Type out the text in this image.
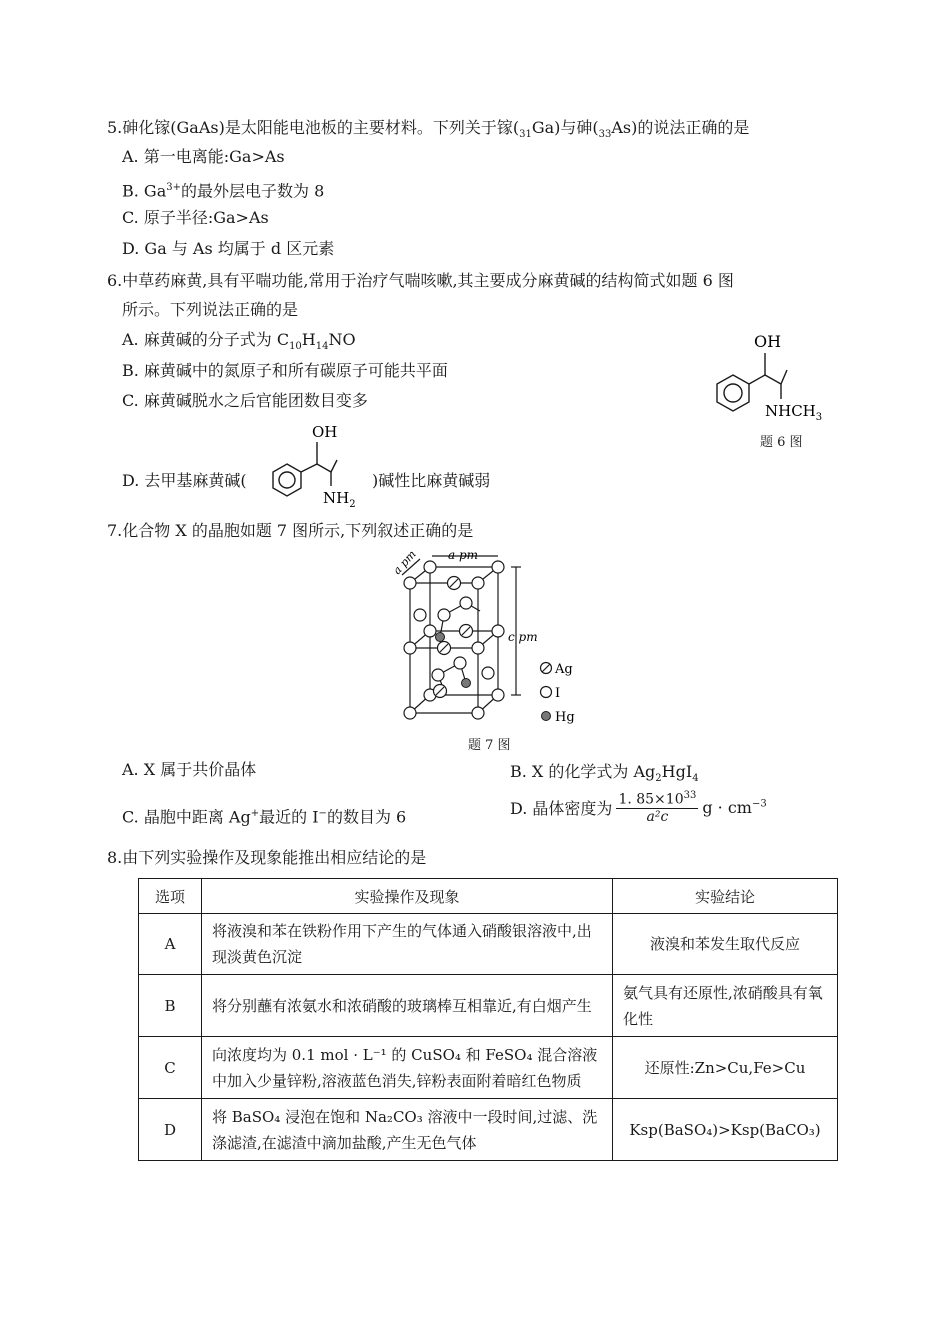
5.砷化镓(GaAs)是太阳能电池板的主要材料。下列关于镓$(_{31}Ga)$与砷$(_{33}As)$的说法正确的是
A. 第一电离能:Ga>As
B. $Ga^{3+}$的最外层电子数为 8
C. 原子半径:Ga>As
D. Ga 与 As 均属于 d 区元素
6.中草药麻黄,具有平喘功能,常用于治疗气喘咳嗽,其主要成分麻黄碱的结构简式如题 6 图
所示。下列说法正确的是
A. 麻黄碱的分子式为 $C_{10}H_{14}NO$
B. 麻黄碱中的氮原子和所有碳原子可能共平面
C. 麻黄碱脱水之后官能团数目变多
OH
$NHCH_3$
题 6 图
D. 去甲基麻黄碱(
OH
$NH_2$
)碱性比麻黄碱弱
7.化合物 X 的晶胞如题 7 图所示,下列叙述正确的是
a pm
a pm
c pm
Ag
I
Hg
题 7 图
A. X 属于共价晶体	B. X 的化学式为 $Ag_2HgI_4$
C. 晶胞中距离 Ag+最近的 I−的数目为 6	D. 晶体密度为 $\frac{1. 85\times 10^{33}}{\text{a²c}}$ $g \cdot cm^{-3}$
8.由下列实验操作及现象能推出相应结论的是
选项	实验操作及现象	实验结论
A	将液溴和苯在铁粉作用下产生的气体通入硝酸银溶液中,出现淡黄色沉淀	液溴和苯发生取代反应
B	将分别蘸有浓氨水和浓硝酸的玻璃棒互相靠近,有白烟产生	氨气具有还原性,浓硝酸具有氧化性
C	向浓度均为 0.1 mol · L⁻¹ 的 CuSO₄ 和 FeSO₄ 混合溶液中加入少量锌粉,溶液蓝色消失,锌粉表面附着暗红色物质	还原性:Zn>Cu,Fe>Cu
D	将 BaSO₄ 浸泡在饱和 Na₂CO₃ 溶液中一段时间,过滤、洗涤滤渣,在滤渣中滴加盐酸,产生无色气体	Ksp(BaSO₄)>Ksp(BaCO₃)
